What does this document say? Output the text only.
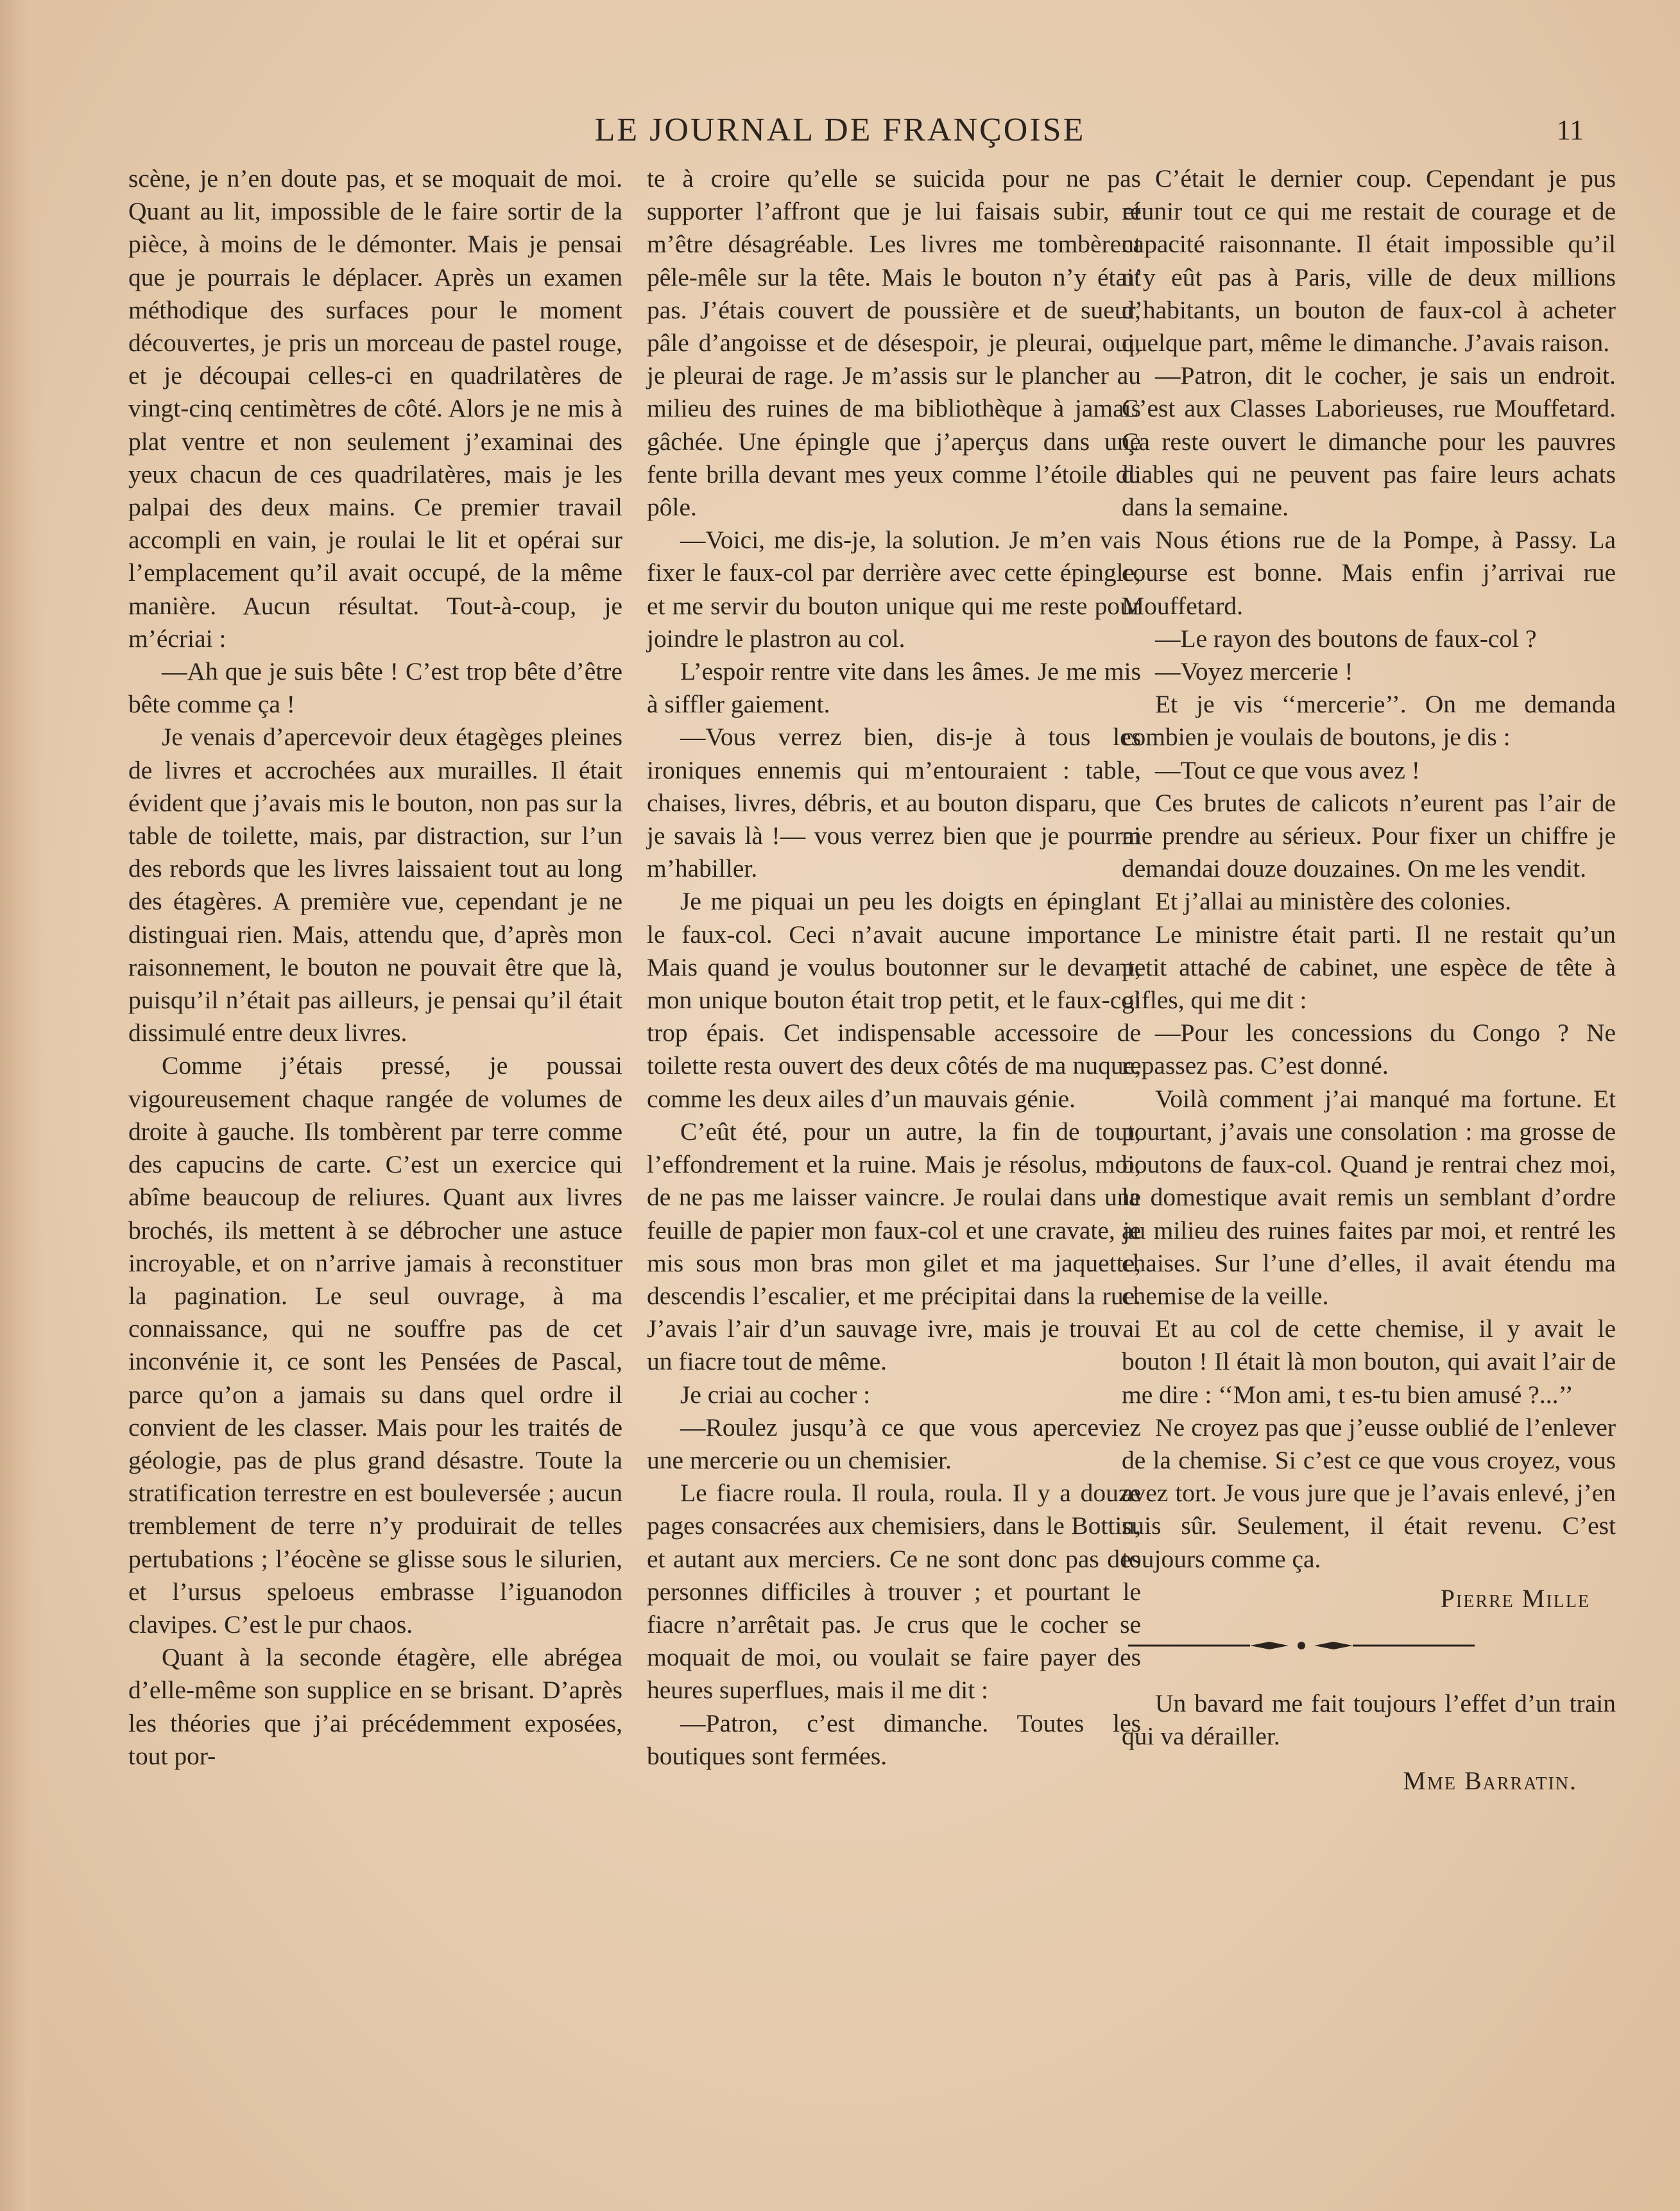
LE JOURNAL DE FRANÇOISE	11

scène, je n’en doute pas, et se moquait de moi. Quant au lit, impossible de le faire sortir de la pièce, à moins de le démonter. Mais je pensai que je pourrais le déplacer. Après un examen méthodique des surfaces pour le moment découvertes, je pris un morceau de pastel rouge, et je découpai celles-ci en quadrilatères de vingt-cinq centimètres de côté. Alors je ne mis à plat ventre et non seulement j’examinai des yeux chacun de ces quadrilatères, mais je les palpai des deux mains. Ce premier travail accompli en vain, je roulai le lit et opérai sur l’emplacement qu’il avait occupé, de la même manière. Aucun résultat. Tout-à-coup, je m’écriai :

—Ah que je suis bête ! C’est trop bête d’être bête comme ça !

Je venais d’apercevoir deux étagèges pleines de livres et accrochées aux murailles. Il était évident que j’avais mis le bouton, non pas sur la table de toilette, mais, par distraction, sur l’un des rebords que les livres laissaient tout au long des étagères. A première vue, cependant je ne distinguai rien. Mais, attendu que, d’après mon raisonnement, le bouton ne pouvait être que là, puisqu’il n’était pas ailleurs, je pensai qu’il était dissimulé entre deux livres.

Comme j’étais pressé, je poussai vigoureusement chaque rangée de volumes de droite à gauche. Ils tombèrent par terre comme des capucins de carte. C’est un exercice qui abîme beaucoup de reliures. Quant aux livres brochés, ils mettent à se débrocher une astuce incroyable, et on n’arrive jamais à reconstituer la pagination. Le seul ouvrage, à ma connaissance, qui ne souffre pas de cet inconvénie it, ce sont les Pensées de Pascal, parce qu’on a jamais su dans quel ordre il convient de les classer. Mais pour les traités de géologie, pas de plus grand désastre. Toute la stratification terrestre en est bouleversée ; aucun tremblement de terre n’y produirait de telles pertubations ; l’éocène se glisse sous le silurien, et l’ursus speloeus embrasse l’iguanodon clavipes. C’est le pur chaos.

Quant à la seconde étagère, elle abrégea d’elle-même son supplice en se brisant. D’après les théories que j’ai précédemment exposées, tout por-

te à croire qu’elle se suicida pour ne pas supporter l’affront que je lui faisais subir, et m’être désagréable. Les livres me tombèrent pêle-mêle sur la tête. Mais le bouton n’y était pas. J’étais couvert de poussière et de sueur, pâle d’angoisse et de désespoir, je pleurai, oui, je pleurai de rage. Je m’assis sur le plancher au milieu des ruines de ma bibliothèque à jamais gâchée. Une épingle que j’aperçus dans une fente brilla devant mes yeux comme l’étoile du pôle.

—Voici, me dis-je, la solution. Je m’en vais fixer le faux-col par derrière avec cette épingle, et me servir du bouton unique qui me reste pour joindre le plastron au col.

L’espoir rentre vite dans les âmes. Je me mis à siffler gaiement.

—Vous verrez bien, dis-je à tous les ironiques ennemis qui m’entouraient : table, chaises, livres, débris, et au bouton disparu, que je savais là !— vous verrez bien que je pourrai m’habiller.

Je me piquai un peu les doigts en épinglant le faux-col. Ceci n’avait aucune importance Mais quand je voulus boutonner sur le devant, mon unique bouton était trop petit, et le faux-col trop épais. Cet indispensable accessoire de toilette resta ouvert des deux côtés de ma nuque, comme les deux ailes d’un mauvais génie.

C’eût été, pour un autre, la fin de tout, l’effondrement et la ruine. Mais je résolus, moi, de ne pas me laisser vaincre. Je roulai dans une feuille de papier mon faux-col et une cravate, je mis sous mon bras mon gilet et ma jaquette, descendis l’escalier, et me précipitai dans la rue. J’avais l’air d’un sauvage ivre, mais je trouvai un fiacre tout de même.

Je criai au cocher :

—Roulez jusqu’à ce que vous aperceviez une mercerie ou un chemisier.

Le fiacre roula. Il roula, roula. Il y a douze pages consacrées aux chemisiers, dans le Bottin, et autant aux merciers. Ce ne sont donc pas des personnes difficiles à trouver ; et pourtant le fiacre n’arrêtait pas. Je crus que le cocher se moquait de moi, ou voulait se faire payer des heures superflues, mais il me dit :

—Patron, c’est dimanche. Toutes les boutiques sont fermées.

C’était le dernier coup. Cependant je pus réunir tout ce qui me restait de courage et de capacité raisonnante. Il était impossible qu’il n’y eût pas à Paris, ville de deux millions d’habitants, un bouton de faux-col à acheter quelque part, même le dimanche. J’avais raison.

—Patron, dit le cocher, je sais un endroit. C’est aux Classes Laborieuses, rue Mouffetard. Ça reste ouvert le dimanche pour les pauvres diables qui ne peuvent pas faire leurs achats dans la semaine.

Nous étions rue de la Pompe, à Passy. La course est bonne. Mais enfin j’arrivai rue Mouffetard.

—Le rayon des boutons de faux-col ?

—Voyez mercerie !

Et je vis ‘‘mercerie’’. On me demanda combien je voulais de boutons, je dis :

—Tout ce que vous avez !

Ces brutes de calicots n’eurent pas l’air de me prendre au sérieux. Pour fixer un chiffre je demandai douze douzaines. On me les vendit.

Et j’allai au ministère des colonies.

Le ministre était parti. Il ne restait qu’un petit attaché de cabinet, une espèce de tête à gifles, qui me dit :

—Pour les concessions du Congo ? Ne repassez pas. C’est donné.

Voilà comment j’ai manqué ma fortune. Et pourtant, j’avais une consolation : ma grosse de boutons de faux-col. Quand je rentrai chez moi, la domestique avait remis un semblant d’ordre au milieu des ruines faites par moi, et rentré les chaises. Sur l’une d’elles, il avait étendu ma chemise de la veille.

Et au col de cette chemise, il y avait le bouton ! Il était là mon bouton, qui avait l’air de me dire : ‘‘Mon ami, t es-tu bien amusé ?...’’

Ne croyez pas que j’eusse oublié de l’enlever de la chemise. Si c’est ce que vous croyez, vous avez tort. Je vous jure que je l’avais enlevé, j’en suis sûr. Seulement, il était revenu. C’est toujours comme ça.

Pierre Mille

Un bavard me fait toujours l’effet d’un train qui va dérailler.

Mme Barratin.
